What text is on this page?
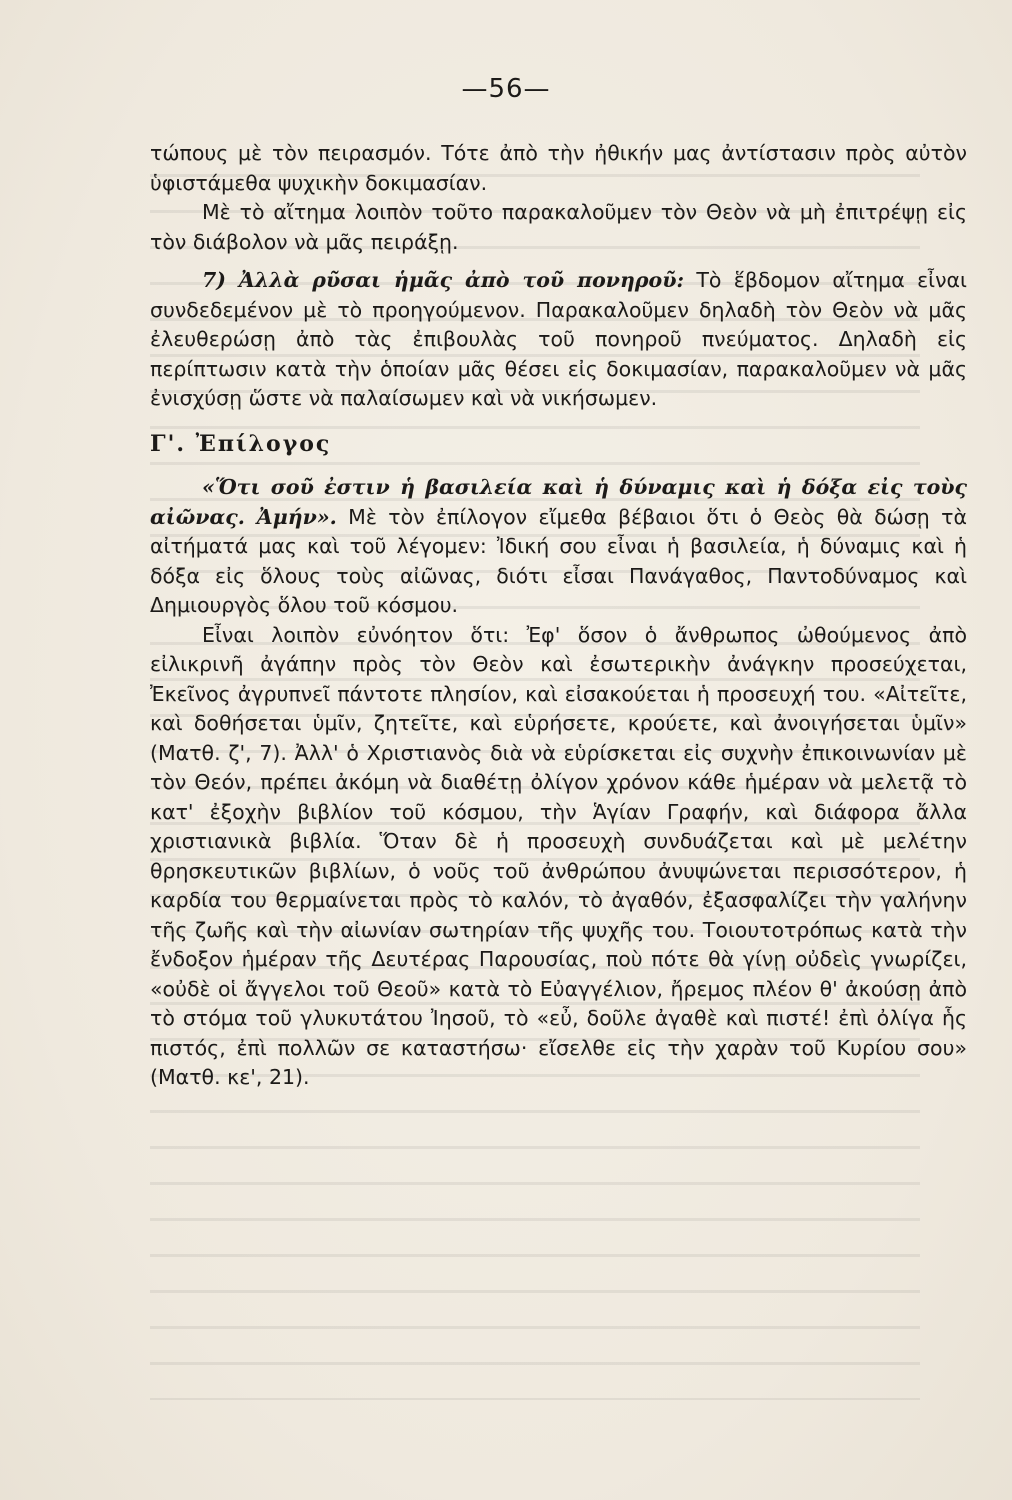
—56—

τώπους μὲ τὸν πειρασμόν. Τότε ἀπὸ τὴν ἠθικήν μας ἀντίστασιν πρὸς αὐτὸν ὑφιστάμεθα ψυχικὴν δοκιμασίαν.

Μὲ τὸ αἴτημα λοιπὸν τοῦτο παρακαλοῦμεν τὸν Θεὸν νὰ μὴ ἐπιτρέψῃ εἰς τὸν διάβολον νὰ μᾶς πειράξῃ.

7) Ἀλλὰ ρῦσαι ἡμᾶς ἀπὸ τοῦ πονηροῦ: Τὸ ἕβδομον αἴτημα εἶναι συνδεδεμένον μὲ τὸ προηγούμενον. Παρακαλοῦμεν δηλαδὴ τὸν Θεὸν νὰ μᾶς ἐλευθερώσῃ ἀπὸ τὰς ἐπιβουλὰς τοῦ πονηροῦ πνεύματος. Δηλαδὴ εἰς περίπτωσιν κατὰ τὴν ὁποίαν μᾶς θέσει εἰς δοκιμασίαν, παρακαλοῦμεν νὰ μᾶς ἐνισχύσῃ ὥστε νὰ παλαίσωμεν καὶ νὰ νικήσωμεν.

Γ'. Ἐπίλογος

«Ὅτι σοῦ ἐστιν ἡ βασιλεία καὶ ἡ δύναμις καὶ ἡ δόξα εἰς τοὺς αἰῶνας. Ἀμήν». Μὲ τὸν ἐπίλογον εἴμεθα βέβαιοι ὅτι ὁ Θεὸς θὰ δώσῃ τὰ αἰτήματά μας καὶ τοῦ λέγομεν: Ἰδική σου εἶναι ἡ βασιλεία, ἡ δύναμις καὶ ἡ δόξα εἰς ὅλους τοὺς αἰῶνας, διότι εἶσαι Πανάγαθος, Παντοδύναμος καὶ Δημιουργὸς ὅλου τοῦ κόσμου.

Εἶναι λοιπὸν εὐνόητον ὅτι: Ἐφ' ὅσον ὁ ἄνθρωπος ὠθούμενος ἀπὸ εἰλικρινῆ ἀγάπην πρὸς τὸν Θεὸν καὶ ἐσωτερικὴν ἀνάγκην προσεύχεται, Ἐκεῖνος ἀγρυπνεῖ πάντοτε πλησίον, καὶ εἰσακούεται ἡ προσευχή του. «Αἰτεῖτε, καὶ δοθήσεται ὑμῖν, ζητεῖτε, καὶ εὑρήσετε, κρούετε, καὶ ἀνοιγήσεται ὑμῖν» (Ματθ. ζ', 7). Ἀλλ' ὁ Χριστιανὸς διὰ νὰ εὑρίσκεται εἰς συχνὴν ἐπικοινωνίαν μὲ τὸν Θεόν, πρέπει ἀκόμη νὰ διαθέτῃ ὀλίγον χρόνον κάθε ἡμέραν νὰ μελετᾷ τὸ κατ' ἐξοχὴν βιβλίον τοῦ κόσμου, τὴν Ἁγίαν Γραφήν, καὶ διάφορα ἄλλα χριστιανικὰ βιβλία. Ὅταν δὲ ἡ προσευχὴ συνδυάζεται καὶ μὲ μελέτην θρησκευτικῶν βιβλίων, ὁ νοῦς τοῦ ἀνθρώπου ἀνυψώνεται περισσότερον, ἡ καρδία του θερμαίνεται πρὸς τὸ καλόν, τὸ ἀγαθόν, ἐξασφαλίζει τὴν γαλήνην τῆς ζωῆς καὶ τὴν αἰωνίαν σωτηρίαν τῆς ψυχῆς του. Τοιουτοτρόπως κατὰ τὴν ἔνδοξον ἡμέραν τῆς Δευτέρας Παρουσίας, ποὺ πότε θὰ γίνῃ οὐδεὶς γνωρίζει, «οὐδὲ οἱ ἄγγελοι τοῦ Θεοῦ» κατὰ τὸ Εὐαγγέλιον, ἤρεμος πλέον θ' ἀκούσῃ ἀπὸ τὸ στόμα τοῦ γλυκυτάτου Ἰησοῦ, τὸ «εὖ, δοῦλε ἀγαθὲ καὶ πιστέ! ἐπὶ ὀλίγα ἧς πιστός, ἐπὶ πολλῶν σε καταστήσω· εἴσελθε εἰς τὴν χαρὰν τοῦ Κυρίου σου» (Ματθ. κε', 21).
